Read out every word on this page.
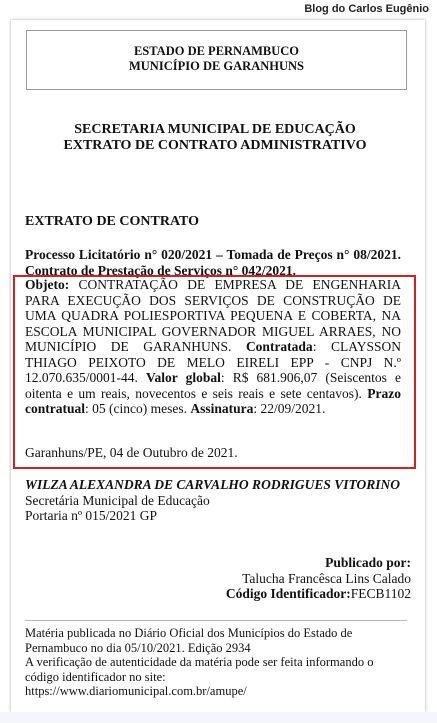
Blog do Carlos Eugênio
ESTADO DE PERNAMBUCO
MUNICÍPIO DE GARANHUNS
SECRETARIA MUNICIPAL DE EDUCAÇÃO
EXTRATO DE CONTRATO ADMINISTRATIVO
EXTRATO DE CONTRATO
Processo Licitatório n° 020/2021 – Tomada de Preços n° 08/2021. Contrato de Prestação de Serviços n° 042/2021.
Objeto: CONTRATAÇÃO DE EMPRESA DE ENGENHARIA PARA EXECUÇÃO DOS SERVIÇOS DE CONSTRUÇÃO DE UMA QUADRA POLIESPORTIVA PEQUENA E COBERTA, NA ESCOLA MUNICIPAL GOVERNADOR MIGUEL ARRAES, NO MUNICÍPIO DE GARANHUNS. Contratada: CLAYSSON THIAGO PEIXOTO DE MELO EIRELI EPP - CNPJ N.º 12.070.635/0001-44. Valor global: R$ 681.906,07 (Seiscentos e oitenta e um reais, novecentos e seis reais e sete centavos). Prazo contratual: 05 (cinco) meses. Assinatura: 22/09/2021.
Garanhuns/PE, 04 de Outubro de 2021.
WILZA ALEXANDRA DE CARVALHO RODRIGUES VITORINO
Secretária Municipal de Educação
Portaria nº 015/2021 GP
Publicado por:
Talucha Francêsca Lins Calado
Código Identificador:FECB1102
Matéria publicada no Diário Oficial dos Municípios do Estado de Pernambuco no dia 05/10/2021. Edição 2934
A verificação de autenticidade da matéria pode ser feita informando o código identificador no site:
https://www.diariomunicipal.com.br/amupe/
